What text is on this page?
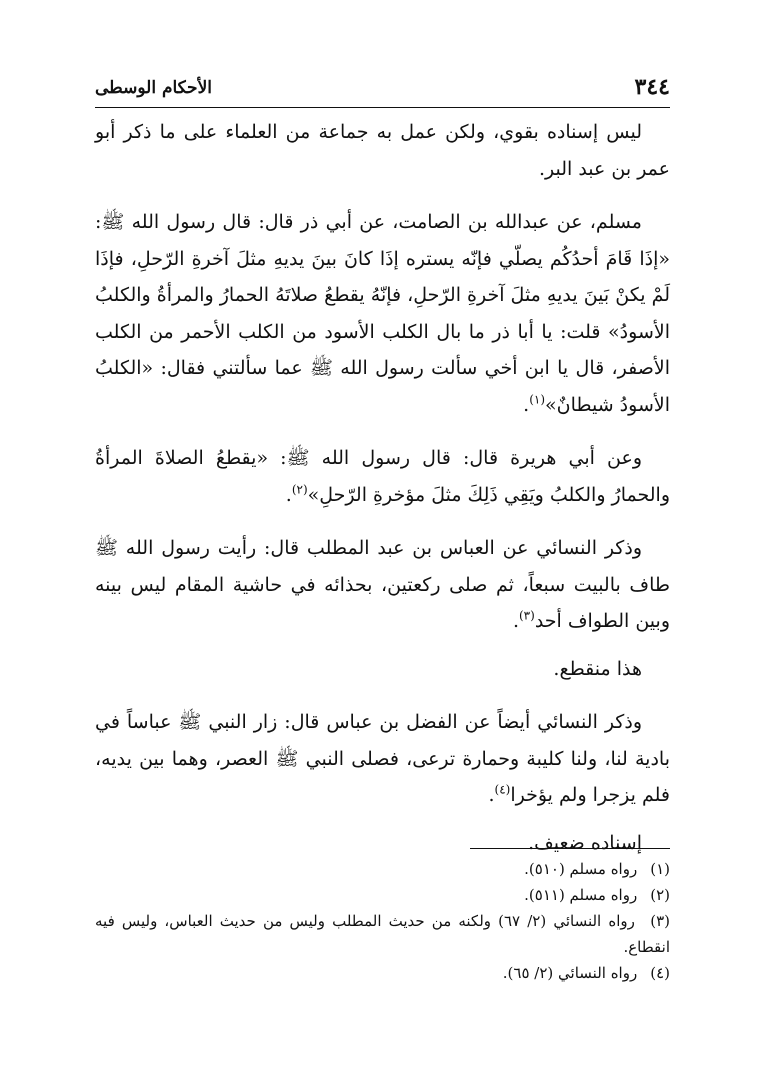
٣٤٤
الأحكام الوسطى

ليس إسناده بقوي، ولكن عمل به جماعة من العلماء على ما ذكر أبو عمر بن عبد البر.

مسلم، عن عبدالله بن الصامت، عن أبي ذر قال: قال رسول الله ﷺ: «إذَا قَامَ أحدُكُم يصلّي فإنّه يستره إذَا كانَ بينَ يديهِ مثلَ آخرةِ الرّحلِ، فإذَا لَمْ يكنْ بَينَ يديهِ مثلَ آخرةِ الرّحلِ، فإنّهُ يقطعُ صلاتَهُ الحمارُ والمرأةُ والكلبُ الأسودُ» قلت: يا أبا ذر ما بال الكلب الأسود من الكلب الأحمر من الكلب الأصفر، قال يا ابن أخي سألت رسول الله ﷺ عما سألتني فقال: «الكلبُ الأسودُ شيطانٌ»$^{(١)}$.

وعن أبي هريرة قال: قال رسول الله ﷺ: «يقطعُ الصلاةَ المرأةُ والحمارُ والكلبُ ويَقِي ذَلِكَ مثلَ مؤخرةِ الرّحلِ»$^{(٢)}$.

وذكر النسائي عن العباس بن عبد المطلب قال: رأيت رسول الله ﷺ طاف بالبيت سبعاً، ثم صلى ركعتين، بحذائه في حاشية المقام ليس بينه وبين الطواف أحد$^{(٣)}$.

هذا منقطع.

وذكر النسائي أيضاً عن الفضل بن عباس قال: زار النبي ﷺ عباساً في بادية لنا، ولنا كليبة وحمارة ترعى، فصلى النبي ﷺ العصر، وهما بين يديه، فلم يزجرا ولم يؤخرا$^{(٤)}$.

إسناده ضعيف.

(١) رواه مسلم (٥١٠).

(٢) رواه مسلم (٥١١).

(٣) رواه النسائي (٢/ ٦٧) ولكنه من حديث المطلب وليس من حديث العباس، وليس فيه انقطاع.

(٤) رواه النسائي (٢/ ٦٥).
